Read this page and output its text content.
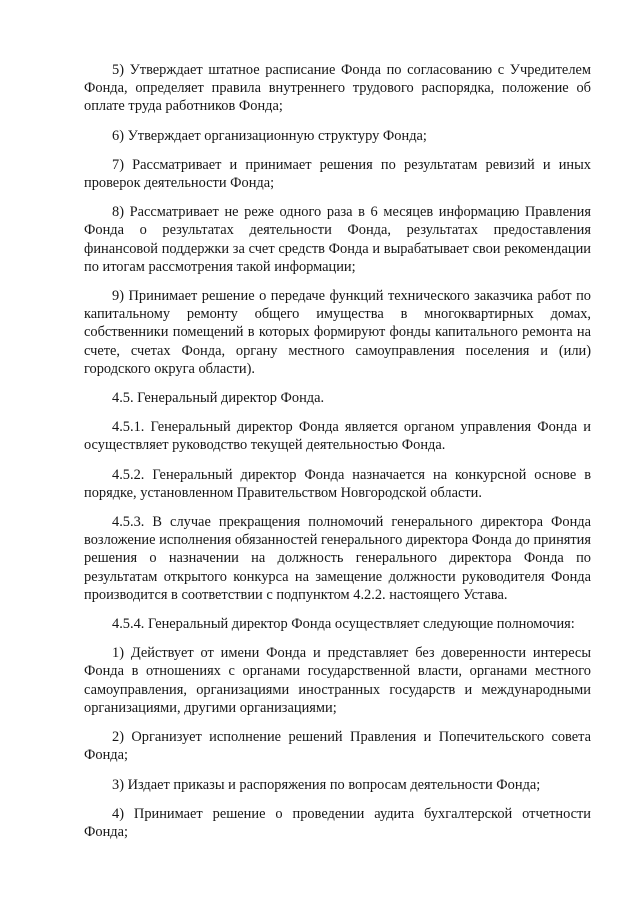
5) Утверждает штатное расписание Фонда по согласованию с Учредителем Фонда, определяет правила внутреннего трудового распорядка, положение об оплате труда работников Фонда;

6) Утверждает организационную структуру Фонда;

7) Рассматривает и принимает решения по результатам ревизий и иных проверок деятельности Фонда;

8) Рассматривает не реже одного раза в 6 месяцев информацию Правления Фонда о результатах деятельности Фонда, результатах предоставления финансовой поддержки за счет средств Фонда и вырабатывает свои рекомендации по итогам рассмотрения такой информации;

9) Принимает решение о передаче функций технического заказчика работ по капитальному ремонту общего имущества в многоквартирных домах, собственники помещений в которых формируют фонды капитального ремонта на счете, счетах Фонда, органу местного самоуправления поселения и (или) городского округа области).

4.5. Генеральный директор Фонда.

4.5.1. Генеральный директор Фонда является органом управления Фонда и осуществляет руководство текущей деятельностью Фонда.

4.5.2. Генеральный директор Фонда назначается на конкурсной основе в порядке, установленном Правительством Новгородской области.

4.5.3. В случае прекращения полномочий генерального директора Фонда возложение исполнения обязанностей генерального директора Фонда до принятия решения о назначении на должность генерального директора Фонда по результатам открытого конкурса на замещение должности руководителя Фонда производится в соответствии с подпунктом 4.2.2. настоящего Устава.

4.5.4. Генеральный директор Фонда осуществляет следующие полномочия:

1) Действует от имени Фонда и представляет без доверенности интересы Фонда в отношениях с органами государственной власти, органами местного самоуправления, организациями иностранных государств и международными организациями, другими организациями;

2) Организует исполнение решений Правления и Попечительского совета Фонда;

3) Издает приказы и распоряжения по вопросам деятельности Фонда;

4) Принимает решение о проведении аудита бухгалтерской отчетности Фонда;
